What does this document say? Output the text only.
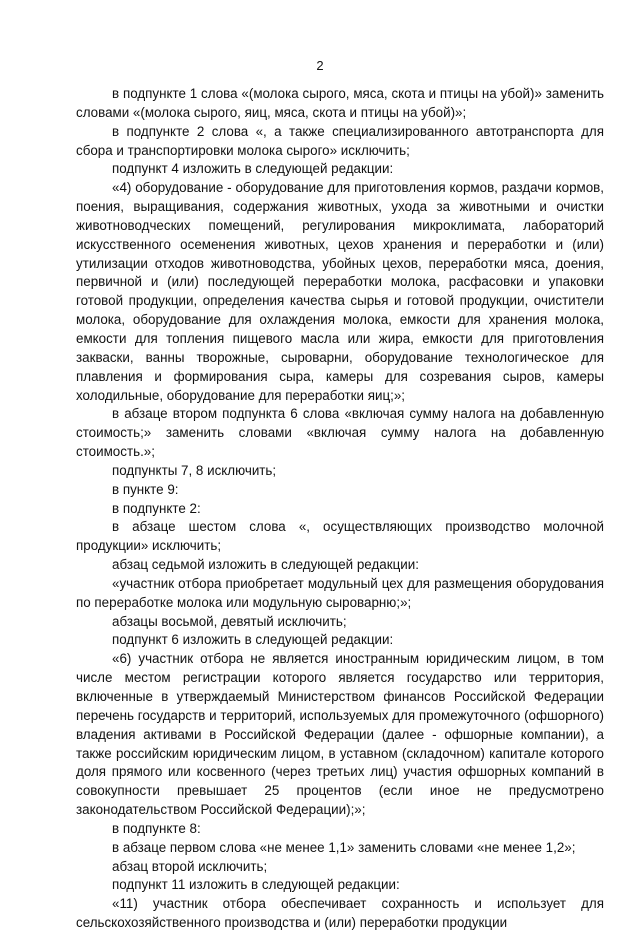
2

в подпункте 1 слова «(молока сырого, мяса, скота и птицы на убой)» заменить словами «(молока сырого, яиц, мяса, скота и птицы на убой)»;

в подпункте 2 слова «, а также специализированного автотранспорта для сбора и транспортировки молока сырого» исключить;

подпункт 4 изложить в следующей редакции:

«4) оборудование - оборудование для приготовления кормов, раздачи кормов, поения, выращивания, содержания животных, ухода за животными и очистки животноводческих помещений, регулирования микроклимата, лабораторий искусственного осеменения животных, цехов хранения и переработки и (или) утилизации отходов животноводства, убойных цехов, переработки мяса, доения, первичной и (или) последующей переработки молока, расфасовки и упаковки готовой продукции, определения качества сырья и готовой продукции, очистители молока, оборудование для охлаждения молока, емкости для хранения молока, емкости для топления пищевого масла или жира, емкости для приготовления закваски, ванны творожные, сыроварни, оборудование технологическое для плавления и формирования сыра, камеры для созревания сыров, камеры холодильные, оборудование для переработки яиц;»;

в абзаце втором подпункта 6 слова «включая сумму налога на добавленную стоимость;» заменить словами «включая сумму налога на добавленную стоимость.»;

подпункты 7, 8 исключить;

в пункте 9:

в подпункте 2:

в абзаце шестом слова «, осуществляющих производство молочной продукции» исключить;

абзац седьмой изложить в следующей редакции:

«участник отбора приобретает модульный цех для размещения оборудования по переработке молока или модульную сыроварню;»;

абзацы восьмой, девятый исключить;

подпункт 6 изложить в следующей редакции:

«6) участник отбора не является иностранным юридическим лицом, в том числе местом регистрации которого является государство или территория, включенные в утверждаемый Министерством финансов Российской Федерации перечень государств и территорий, используемых для промежуточного (офшорного) владения активами в Российской Федерации (далее - офшорные компании), а также российским юридическим лицом, в уставном (складочном) капитале которого доля прямого или косвенного (через третьих лиц) участия офшорных компаний в совокупности превышает 25 процентов (если иное не предусмотрено законодательством Российской Федерации);»;

в подпункте 8:

в абзаце первом слова «не менее 1,1» заменить словами «не менее 1,2»;

абзац второй исключить;

подпункт 11 изложить в следующей редакции:

«11) участник отбора обеспечивает сохранность и использует для сельскохозяйственного производства и (или) переработки продукции
